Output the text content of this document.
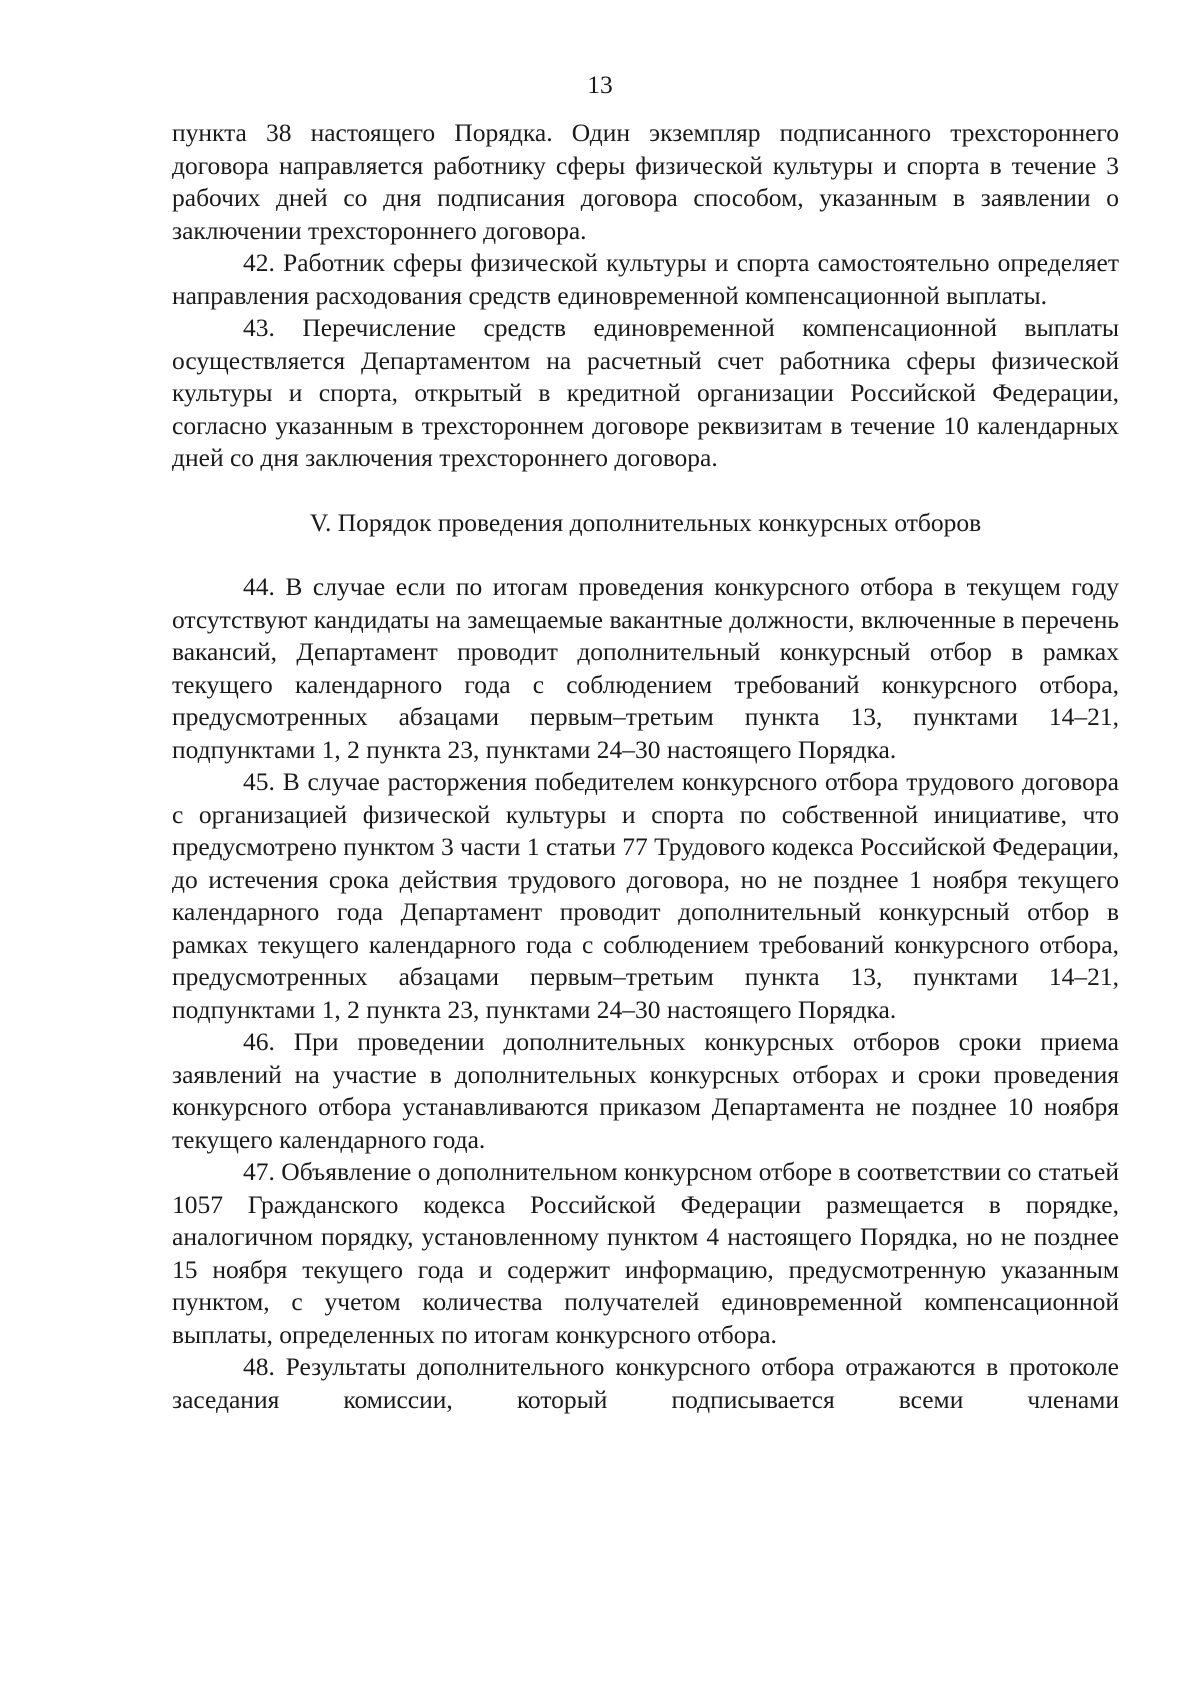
13

пункта 38 настоящего Порядка. Один экземпляр подписанного трехстороннего договора направляется работнику сферы физической культуры и спорта в течение 3 рабочих дней со дня подписания договора способом, указанным в заявлении о заключении трехстороннего договора.

42. Работник сферы физической культуры и спорта самостоятельно определяет направления расходования средств единовременной компенсационной выплаты.

43. Перечисление средств единовременной компенсационной выплаты осуществляется Департаментом на расчетный счет работника сферы физической культуры и спорта, открытый в кредитной организации Российской Федерации, согласно указанным в трехстороннем договоре реквизитам в течение 10 календарных дней со дня заключения трехстороннего договора.

V. Порядок проведения дополнительных конкурсных отборов

44. В случае если по итогам проведения конкурсного отбора в текущем году отсутствуют кандидаты на замещаемые вакантные должности, включенные в перечень вакансий, Департамент проводит дополнительный конкурсный отбор в рамках текущего календарного года с соблюдением требований конкурсного отбора, предусмотренных абзацами первым–третьим пункта 13, пунктами 14–21, подпунктами 1, 2 пункта 23, пунктами 24–30 настоящего Порядка.

45. В случае расторжения победителем конкурсного отбора трудового договора с организацией физической культуры и спорта по собственной инициативе, что предусмотрено пунктом 3 части 1 статьи 77 Трудового кодекса Российской Федерации, до истечения срока действия трудового договора, но не позднее 1 ноября текущего календарного года Департамент проводит дополнительный конкурсный отбор в рамках текущего календарного года с соблюдением требований конкурсного отбора, предусмотренных абзацами первым–третьим пункта 13, пунктами 14–21, подпунктами 1, 2 пункта 23, пунктами 24–30 настоящего Порядка.

46. При проведении дополнительных конкурсных отборов сроки приема заявлений на участие в дополнительных конкурсных отборах и сроки проведения конкурсного отбора устанавливаются приказом Департамента не позднее 10 ноября текущего календарного года.

47. Объявление о дополнительном конкурсном отборе в соответствии со статьей 1057 Гражданского кодекса Российской Федерации размещается в порядке, аналогичном порядку, установленному пунктом 4 настоящего Порядка, но не позднее 15 ноября текущего года и содержит информацию, предусмотренную указанным пунктом, с учетом количества получателей единовременной компенсационной выплаты, определенных по итогам конкурсного отбора.

48. Результаты дополнительного конкурсного отбора отражаются в протоколе заседания комиссии, который подписывается всеми членами
